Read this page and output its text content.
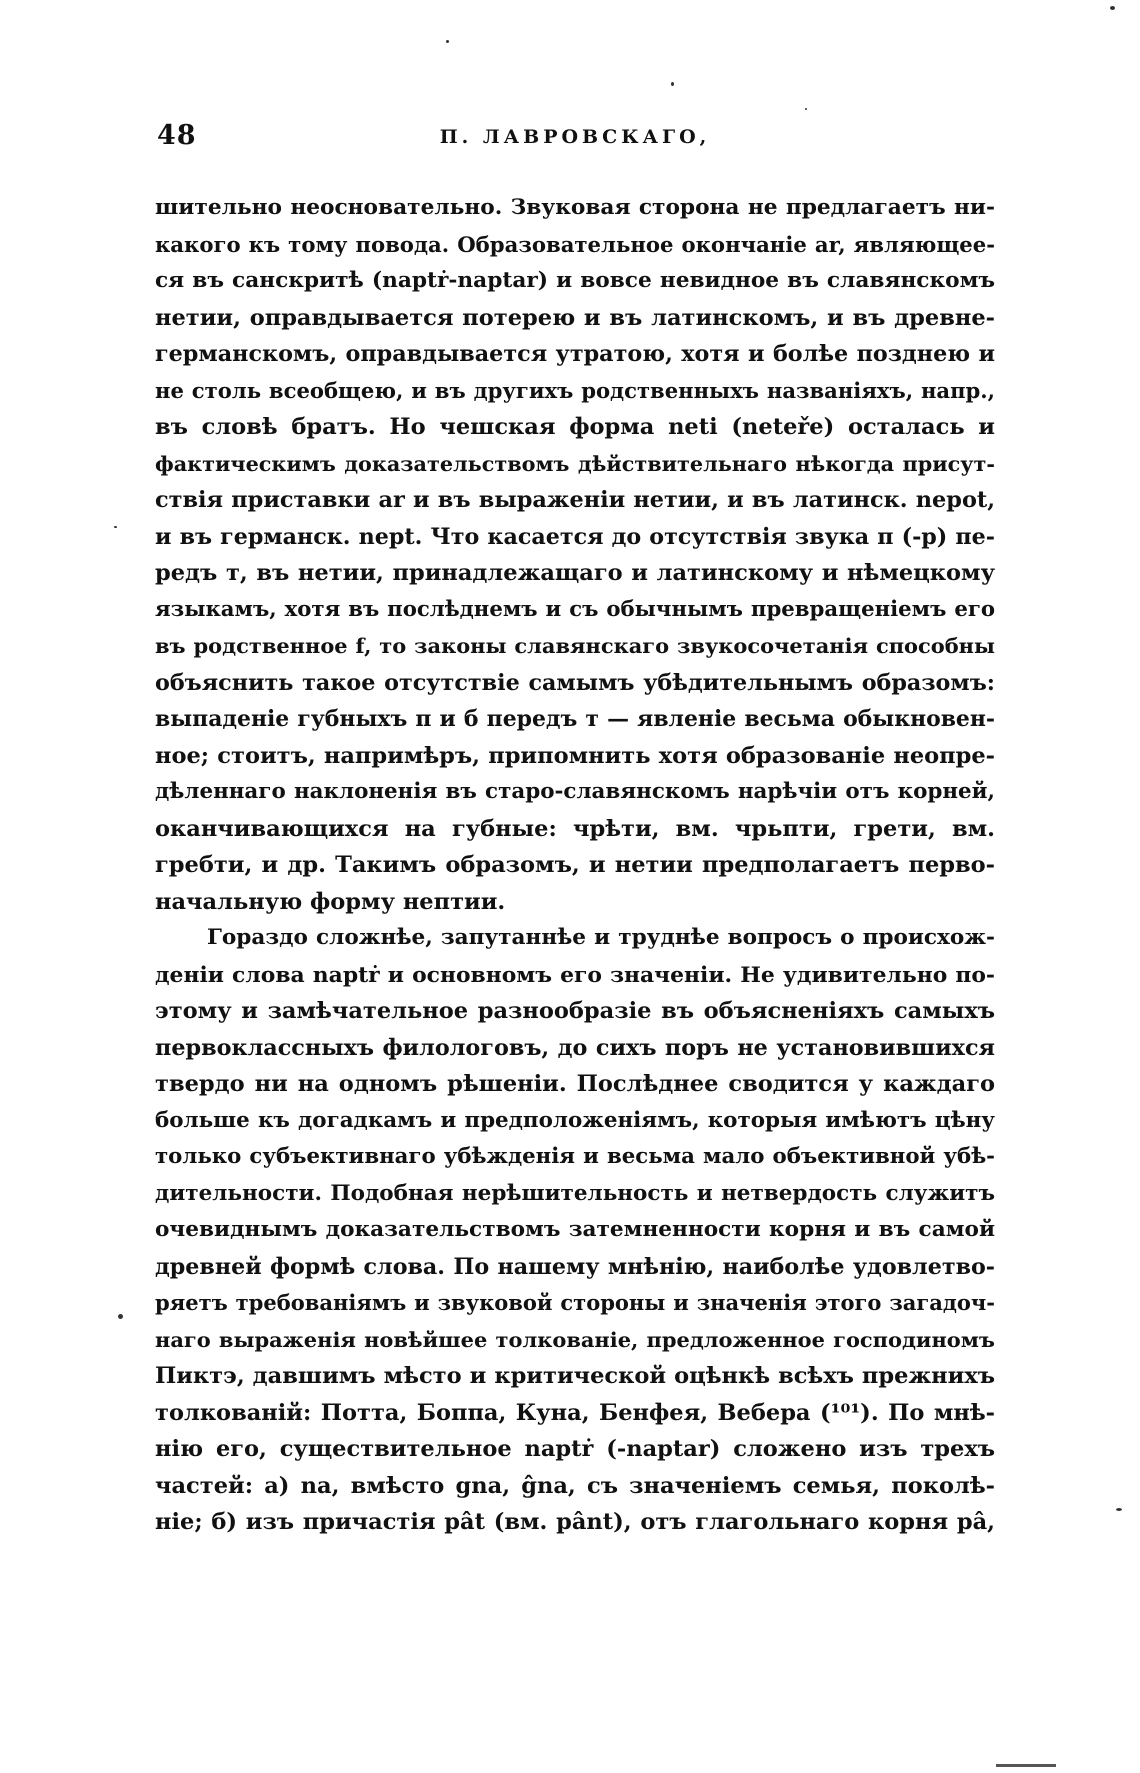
48	П. ЛАВРОВСКАГО,
шительно неосновательно. Звуковая сторона не предлагаетъ ни-
какого къ тому повода. Образовательное окончаніе ar, являющее-
ся въ санскритѣ (naptṙ-naptar) и вовсе невидное въ славянскомъ
нетии, оправдывается потерею и въ латинскомъ, и въ древне-
германскомъ, оправдывается утратою, хотя и болѣе позднею и
не столь всеобщею, и въ другихъ родственныхъ названіяхъ, напр.,
въ словѣ братъ. Но чешская форма neti (neteře) осталась и
фактическимъ доказательствомъ дѣйствительнаго нѣкогда присут-
ствія приставки ar и въ выраженіи нетии, и въ латинск. nepot,
и въ германск. nept. Что касается до отсутствія звука п (-р) пе-
редъ т, въ нетии, принадлежащаго и латинскому и нѣмецкому
языкамъ, хотя въ послѣднемъ и съ обычнымъ превращеніемъ его
въ родственное f, то законы славянскаго звукосочетанія способны
объяснить такое отсутствіе самымъ убѣдительнымъ образомъ:
выпаденіе губныхъ п и б передъ т — явленіе весьма обыкновен-
ное; стоитъ, напримѣръ, припомнить хотя образованіе неопре-
дѣленнаго наклоненія въ старо-славянскомъ нарѣчіи отъ корней,
оканчивающихся на губные: чрѣти, вм. чрьпти, грети, вм.
гребти, и др. Такимъ образомъ, и нетии предполагаетъ перво-
начальную форму нептии.
Гораздо сложнѣе, запутаннѣе и труднѣе вопросъ о происхож-
деніи слова naptṙ и основномъ его значеніи. Не удивительно по-
этому и замѣчательное разнообразіе въ объясненіяхъ самыхъ
первоклассныхъ филологовъ, до сихъ поръ не установившихся
твердо ни на одномъ рѣшеніи. Послѣднее сводится у каждаго
больше къ догадкамъ и предположеніямъ, которыя имѣютъ цѣну
только субъективнаго убѣжденія и весьма мало объективной убѣ-
дительности. Подобная нерѣшительность и нетвердость служитъ
очевиднымъ доказательствомъ затемненности корня и въ самой
древней формѣ слова. По нашему мнѣнію, наиболѣе удовлетво-
ряетъ требованіямъ и звуковой стороны и значенія этого загадоч-
наго выраженія новѣйшее толкованіе, предложенное господиномъ
Пиктэ, давшимъ мѣсто и критической оцѣнкѣ всѣхъ прежнихъ
толкованій: Потта, Боппа, Куна, Бенфея, Вебера (¹⁰¹). По мнѣ-
нію его, существительное naptṙ (-naptar) сложено изъ трехъ
частей: а) na, вмѣсто gna, ĝna, съ значеніемъ семья, поколѣ-
ніе; б) изъ причастія pât (вм. pânt), отъ глагольнаго корня pâ,
